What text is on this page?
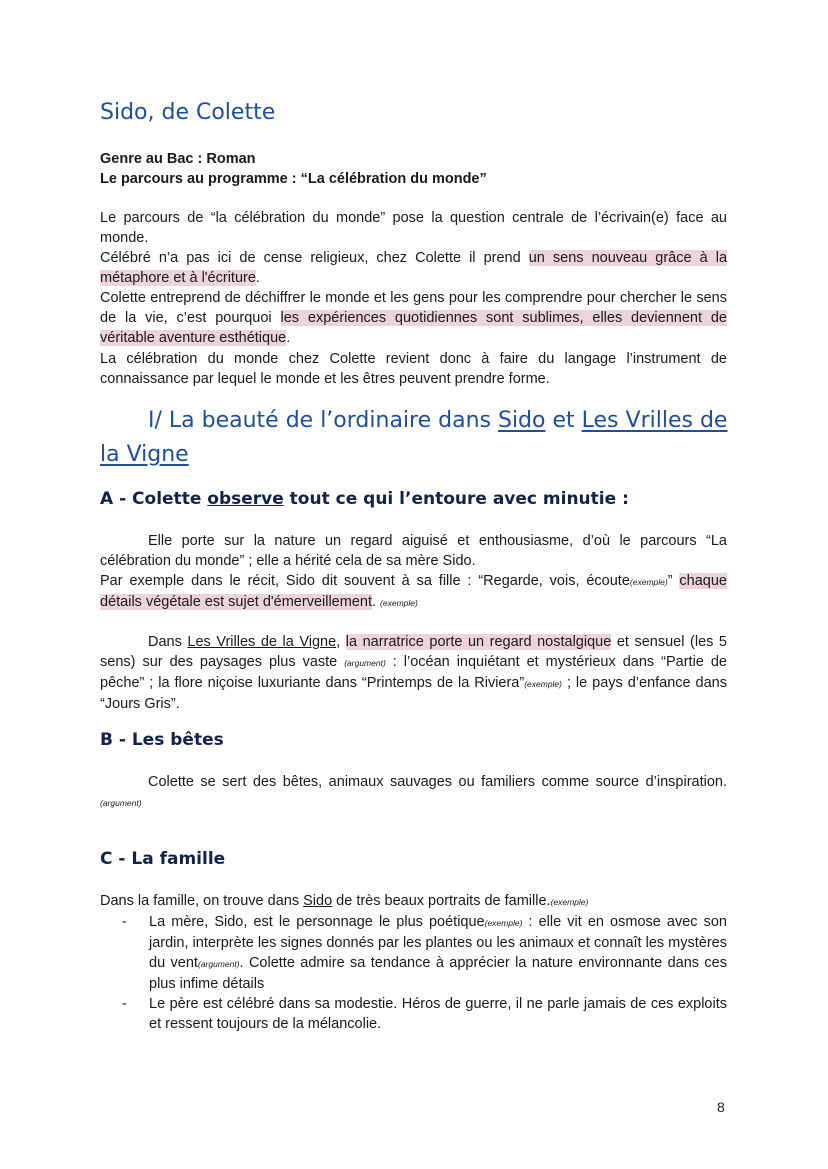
Sido, de Colette
Genre au Bac : Roman
Le parcours au programme : “La célébration du monde”

Le parcours de “la célébration du monde” pose la question centrale de l’écrivain(e) face au monde.

Célébré n’a pas ici de cense religieux, chez Colette il prend un sens nouveau grâce à la métaphore et à l'écriture.

Colette entreprend de déchiffrer le monde et les gens pour les comprendre pour chercher le sens de la vie, c’est pourquoi les expériences quotidiennes sont sublimes, elles deviennent de véritable aventure esthétique.

La célébration du monde chez Colette revient donc à faire du langage l’instrument de connaissance par lequel le monde et les êtres peuvent prendre forme.

I/ La beauté de l’ordinaire dans Sido et Les Vrilles de la Vigne
A - Colette observe tout ce qui l’entoure avec minutie :

Elle porte sur la nature un regard aiguisé et enthousiasme, d’où le parcours “La célébration du monde” ; elle a hérité cela de sa mère Sido.

Par exemple dans le récit, Sido dit souvent à sa fille : “Regarde, vois, écoute(exemple)” chaque détails végétale est sujet d'émerveillement. (exemple)

Dans Les Vrilles de la Vigne, la narratrice porte un regard nostalgique et sensuel (les 5 sens) sur des paysages plus vaste (argument) : l’océan inquiétant et mystérieux dans “Partie de pêche” ; la flore niçoise luxuriante dans “Printemps de la Riviera”(exemple) ; le pays d’enfance dans “Jours Gris”.

B - Les bêtes

Colette se sert des bêtes, animaux sauvages ou familiers comme source d’inspiration.(argument)

C - La famille

Dans la famille, on trouve dans Sido de très beaux portraits de famille.(exemple)

- La mère, Sido, est le personnage le plus poétique(exemple) : elle vit en osmose avec son jardin, interprète les signes donnés par les plantes ou les animaux et connaît les mystères du vent(argument). Colette admire sa tendance à apprécier la nature environnante dans ces plus infime détails
- Le père est célébré dans sa modestie. Héros de guerre, il ne parle jamais de ces exploits et ressent toujours de la mélancolie.
8
